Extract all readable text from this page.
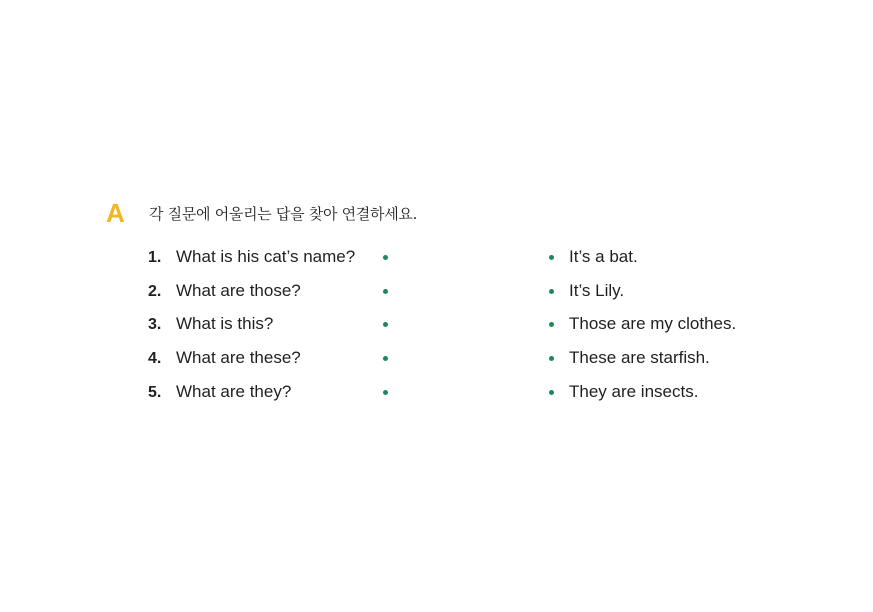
A 각 질문에 어울리는 답을 찾아 연결하세요.
1. What is his cat’s name?	It’s a bat.
2. What are those?	It’s Lily.
3. What is this?	Those are my clothes.
4. What are these?	These are starfish.
5. What are they?	They are insects.
